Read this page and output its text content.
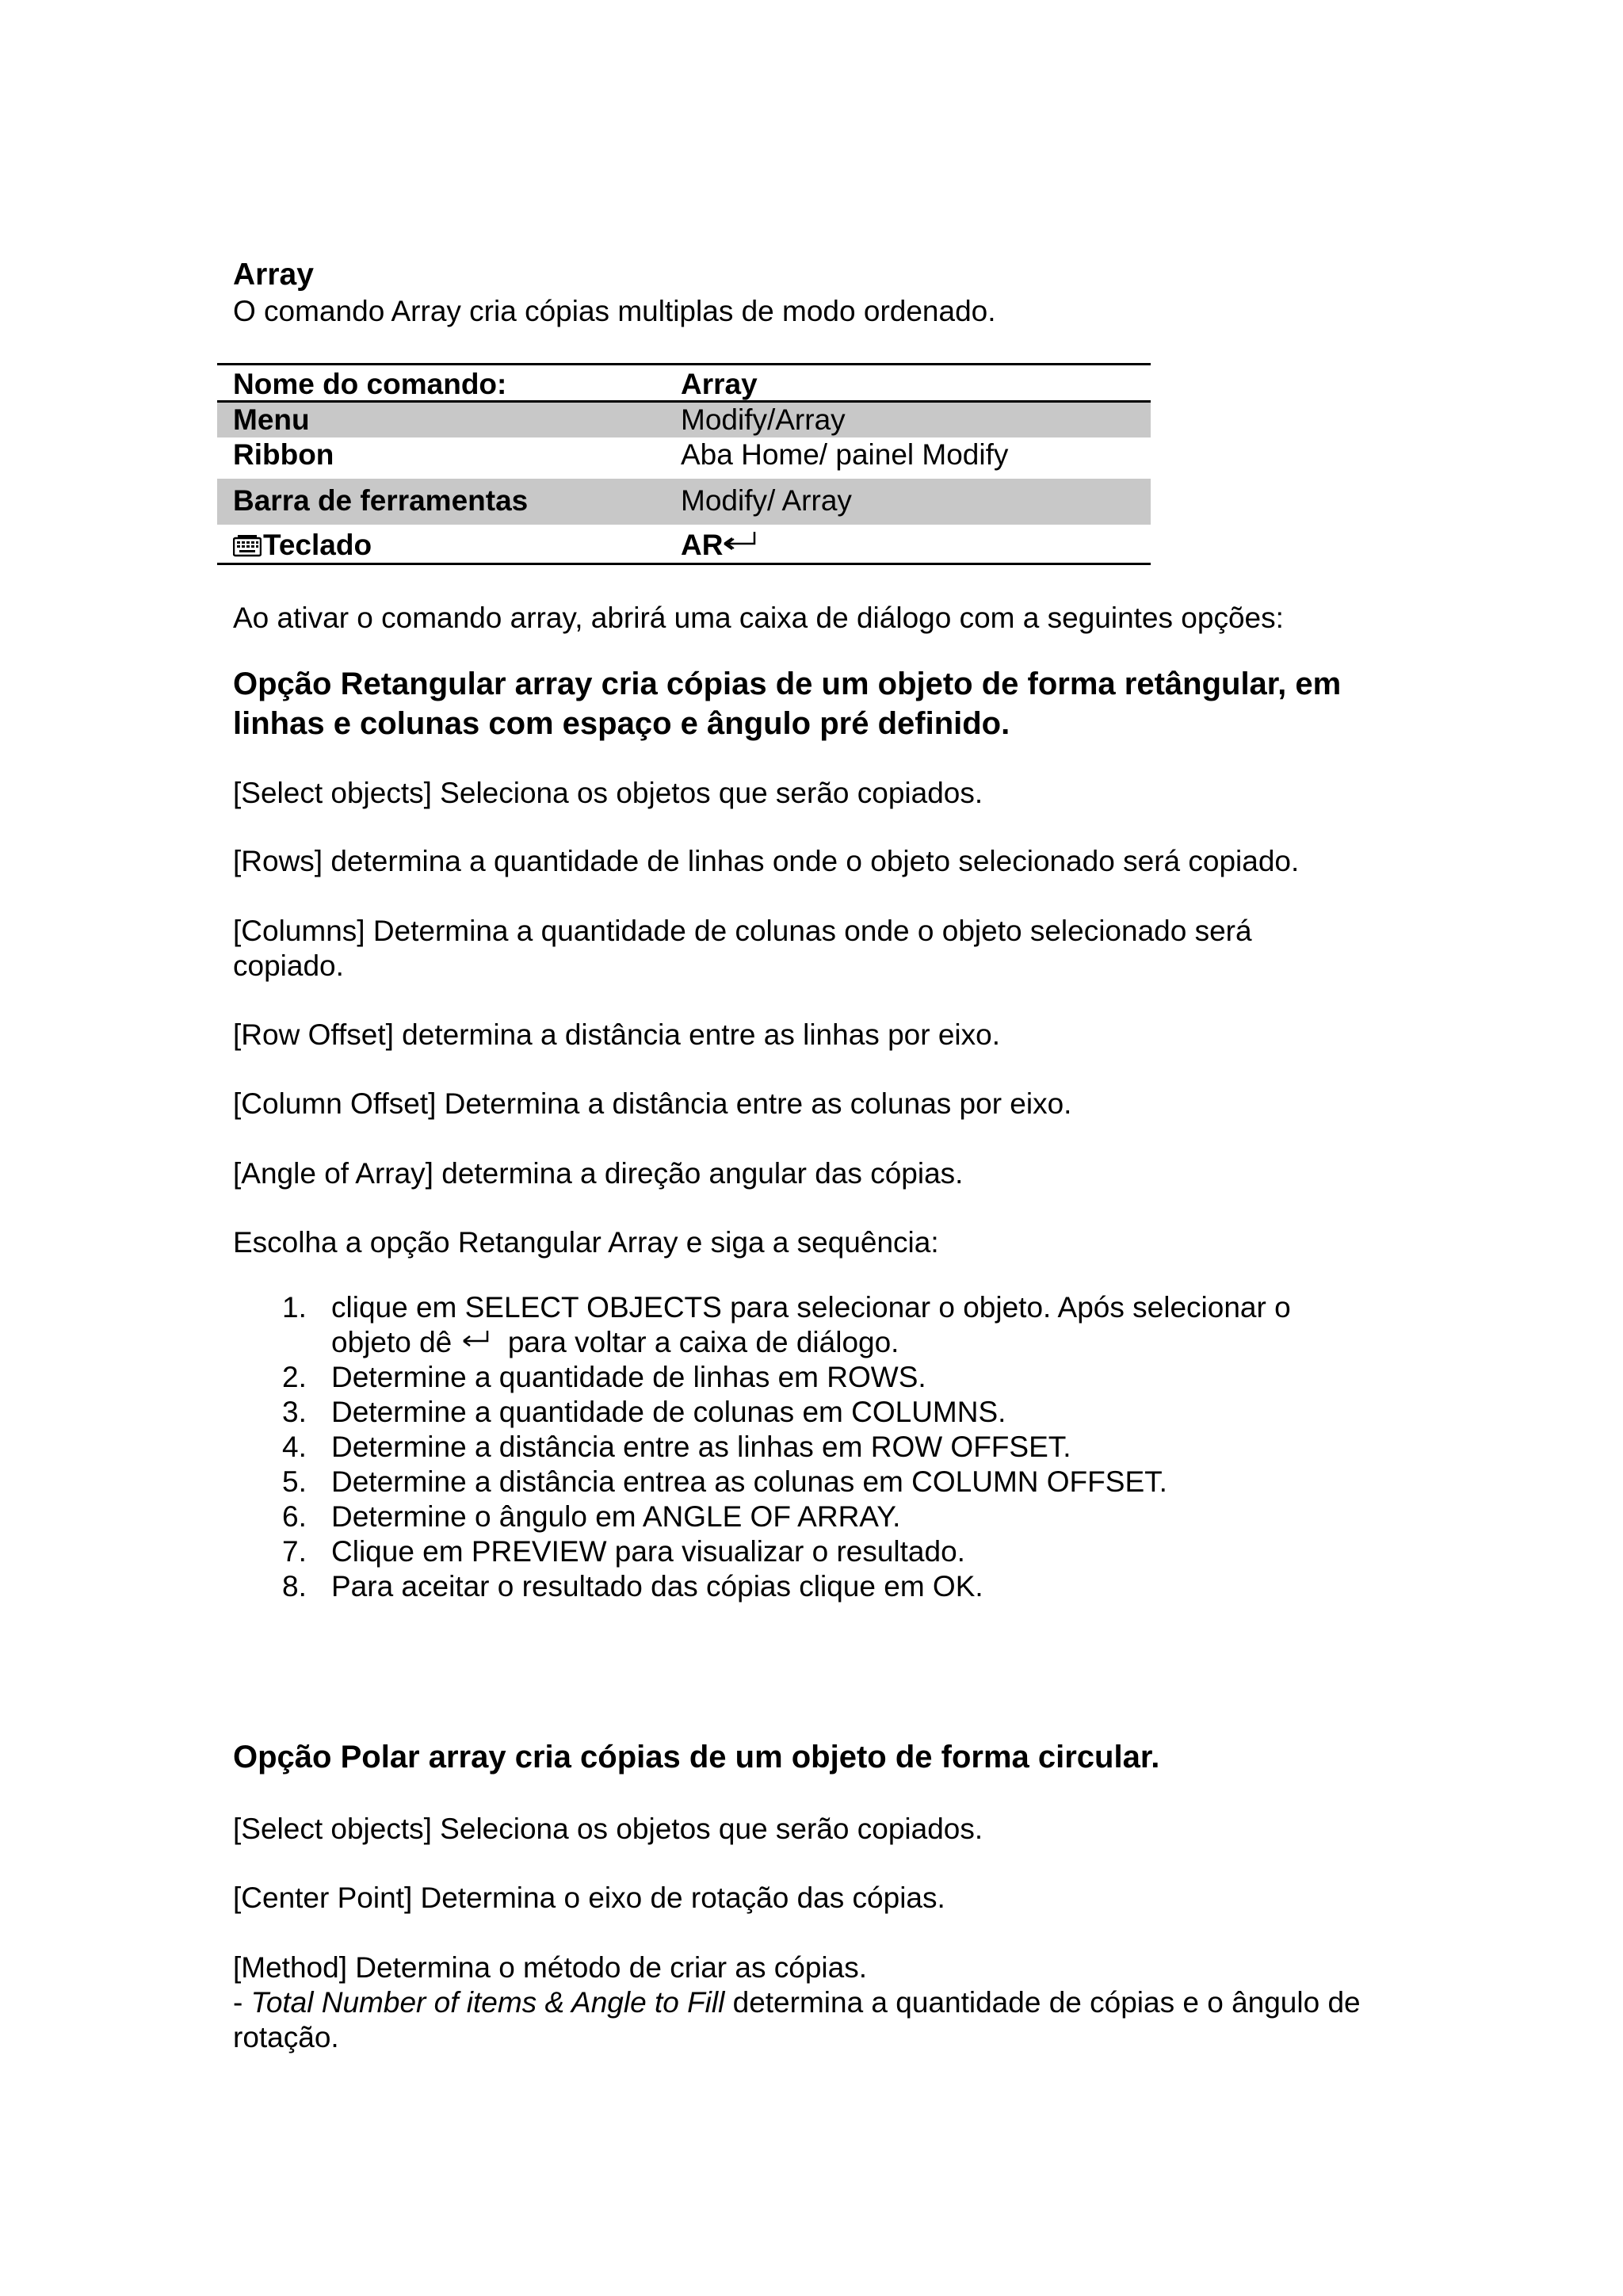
Array
O comando Array cria cópias multiplas de modo ordenado.
Nome do comando:	Array
Menu	Modify/Array
Ribbon	Aba Home/ painel Modify
Barra de ferramentas	Modify/ Array
Teclado	AR
Ao ativar o comando array, abrirá uma caixa de diálogo com a seguintes opções:
Opção Retangular array cria cópias de um objeto de forma retângular, em
linhas e colunas com espaço e ângulo pré definido.
[Select objects] Seleciona os objetos que serão copiados.
[Rows] determina a quantidade de linhas onde o objeto selecionado será copiado.
[Columns] Determina a quantidade de colunas onde o objeto selecionado será
copiado.
[Row Offset] determina a distância entre as linhas por eixo.
[Column Offset] Determina a distância entre as colunas por eixo.
[Angle of Array] determina a direção angular das cópias.
Escolha a opção Retangular Array e siga a sequência:
1. clique em SELECT OBJECTS para selecionar o objeto. Após selecionar o
objeto dê para voltar a caixa de diálogo.
2. Determine a quantidade de linhas em ROWS.
3. Determine a quantidade de colunas em COLUMNS.
4. Determine a distância entre as linhas em ROW OFFSET.
5. Determine a distância entrea as colunas em COLUMN OFFSET.
6. Determine o ângulo em ANGLE OF ARRAY.
7. Clique em PREVIEW para visualizar o resultado.
8. Para aceitar o resultado das cópias clique em OK.
Opção Polar array cria cópias de um objeto de forma circular.
[Select objects] Seleciona os objetos que serão copiados.
[Center Point] Determina o eixo de rotação das cópias.
[Method] Determina o método de criar as cópias.
- Total Number of items & Angle to Fill determina a quantidade de cópias e o ângulo de
rotação.
